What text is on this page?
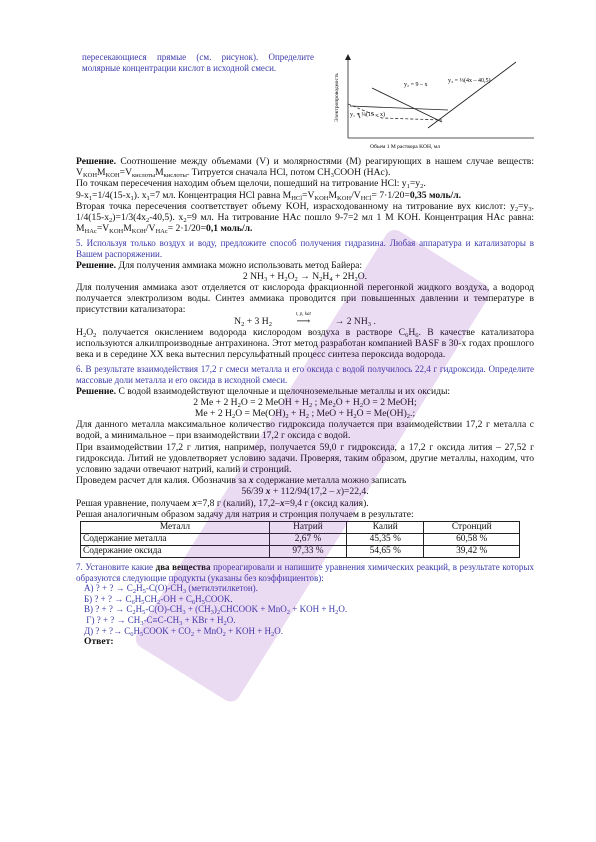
пересекающиеся прямые (см. рисунок). Определите молярные концентрации кислот в исходной смеси.

Электропроводность
Объем 1 М раствора KOH, мл
y₂ = 9 – x
y₃ = ⅓(4x – 40,5)
y₁ = ¼(15 – x)

Решение. Соотношение между объемами (V) и молярностями (M) реагирующих в нашем случае веществ: $V_{KOH}M_{KOH}=V_{кислоты}M_{кислоты}$. Титруется сначала HCl, потом $CH_3COOH$ (HAc).

По точкам пересечения находим объем щелочи, пошедший на титрование HCl: $y_1=y_2$.

$9-x_1=1/4(15-x_1)$. $x_1=7$ мл. Концентрация HCl равна $M_{HCl}=V_{KOH}M_{KOH}/V_{HCl}= 7\cdot 1/20=0,35$ моль/л.

Вторая точка пересечения соответствует объему KOH, израсходованному на титрование вух кислот: $y_2=y_3$. $1/4(15-x_2)=1/3(4x_2-40,5)$. $x_2=9$ мл. На титрование HAc пошло 9-7=2 мл 1 M KOH. Концентрация HAc равна: $M_{HAc}=V_{KOH}M_{KOH}/V_{HAc}= 2\cdot 1/20=0,1$ моль/л.

5. Используя только воздух и воду, предложите способ получения гидразина. Любая аппаратура и катализаторы в Вашем распоряжении.

Решение. Для получения аммиака можно использовать метод Байера:

2 $NH_3 + H_2O_2 \to N_2H_4 + 2H_2O$.

Для получения аммиака азот отделяется от кислорода фракционной перегонкой жидкого воздуха, а водород получается электролизом воды. Синтез аммиака проводится при повышенных давлении и температуре в присутствии катализатора:

$N_2 + 3$ $H_2$
t, p, kat
⟶ → 2 $NH_3$ .

$H_2O_2$ получается окислением водорода кислородом воздуха в растворе $C_6H_6$. В качестве катализатора используются алкилпроизводные антрахинона. Этот метод разработан компанией BASF в 30-х годах прошлого века и в середине XX века вытеснил персульфатный процесс синтеза пероксида водорода.

6. В результате взаимодействия 17,2 г смеси металла и его оксида с водой получилось 22,4 г гидроксида. Определите массовые доли металла и его оксида в исходной смеси.

Решение. С водой взаимодействуют щелочные и щелочноземельные металлы и их оксиды:

2 Me + 2 $H_2O = 2$ MeOH + $H_2$ ; $Me_2O + H_2O = 2$ MeOH;

Me + 2 $H_2O = Me(OH)_2 + H_2$ ; MeO + $H_2O = Me(OH)_2$.;

Для данного металла максимальное количество гидроксида получается при взаимодействии 17,2 г металла с водой, а минимальное – при взаимодействии 17,2 г оксида с водой.

При взаимодействии 17,2 г лития, например, получается 59,0 г гидроксида, а 17,2 г оксида лития – 27,52 г гидроксида. Литий не удовлетворяет условию задачи. Проверяя, таким образом, другие металлы, находим, что условию задачи отвечают натрий, калий и стронций.

Проведем расчет для калия. Обозначив за x содержание металла можно записать

56/39 x + 112/94(17,2 – x)=22,4.

Решая уравнение, получаем x=7,8 г (калий), 17,2–x=9,4 г (оксид калия).

Решая аналогичным образом задачу для натрия и стронция получаем в результате:

Металл	Натрий	Калий	Стронций
Содержание металла	2,67 %	45,35 %	60,58 %
Содержание оксида	97,33 %	54,65 %	39,42 %

7. Установите какие два вещества прореагировали и напишите уравнения химических реакций, в результате которых образуются следующие продукты (указаны без коэффициентов):

А) ? + ? → $C_2H_5-C(O)-CH_3$ (метилэтилкетон).

Б) ? + ? → $C_6H_5CH_2-OH$ + $C_6H_5COOK$.

В) ? + ? → $C_2H_5-C(O)-CH_3$ + $(CH_3)_2CHCOOK + MnO_2$ + KOH + $H_2O$.

Г) ? + ? → $CH_3-C\equiv C-CH_3$ + KBr + $H_2O$.

Д) ? + ?→ $C_6H_5COOK + CO_2 + MnO_2$ + KOH + $H_2O$.

Ответ:
